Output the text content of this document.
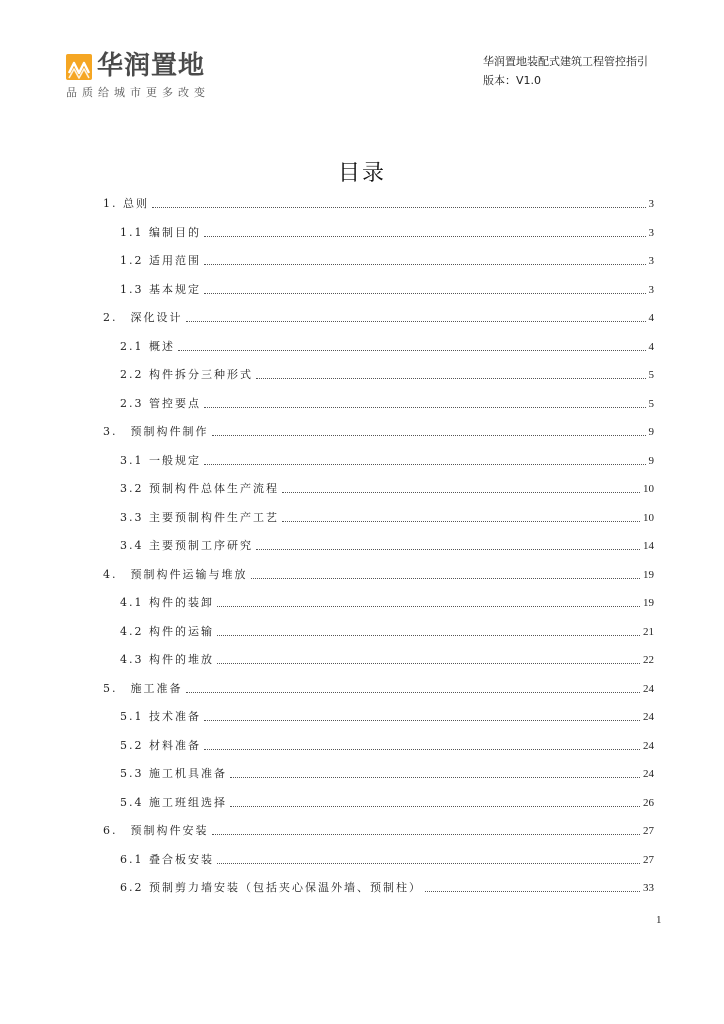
华润置地
品质给城市更多改变
华润置地装配式建筑工程管控指引
版本：V1.0
目录
1. 总则	3
1.1 编制目的	3
1.2 适用范围	3
1.3 基本规定	3
2.　深化设计	4
2.1 概述	4
2.2 构件拆分三种形式	5
2.3 管控要点	5
3.　预制构件制作	9
3.1 一般规定	9
3.2 预制构件总体生产流程	10
3.3 主要预制构件生产工艺	10
3.4 主要预制工序研究	14
4.　预制构件运输与堆放	19
4.1 构件的装卸	19
4.2 构件的运输	21
4.3 构件的堆放	22
5.　施工准备	24
5.1 技术准备	24
5.2 材料准备	24
5.3 施工机具准备	24
5.4 施工班组选择	26
6.　预制构件安装	27
6.1 叠合板安装	27
6.2 预制剪力墙安装（包括夹心保温外墙、预制柱）	33
1
